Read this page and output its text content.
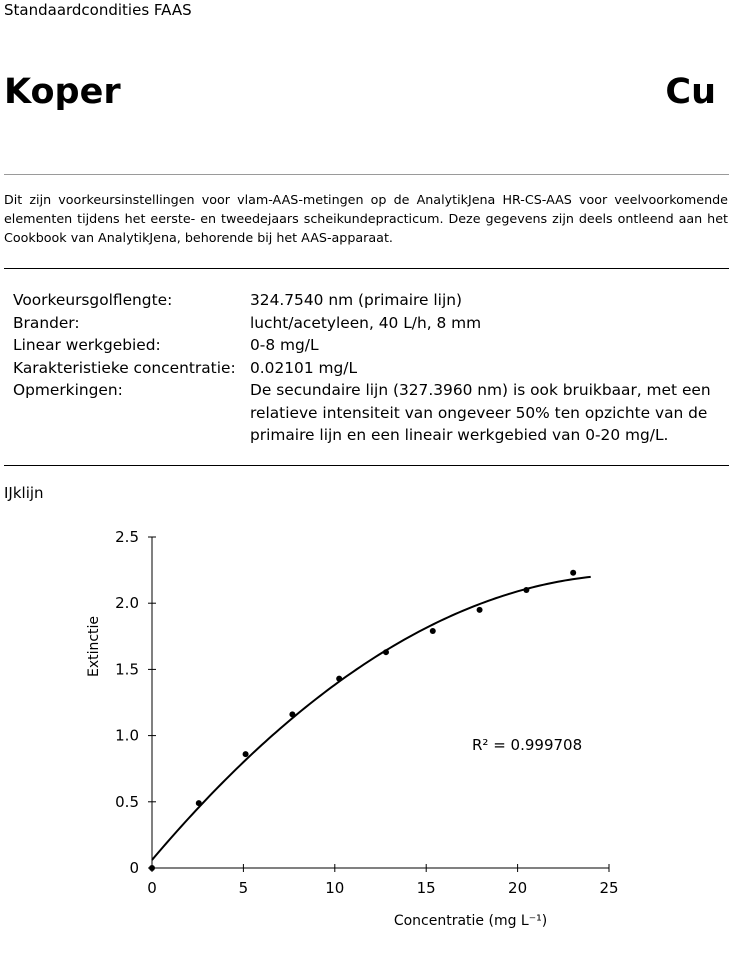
Standaardcondities FAAS
Koper	Cu
Dit zijn voorkeursinstellingen voor vlam-AAS-metingen op de AnalytikJena HR-CS-AAS voor veelvoorkomende elementen tijdens het eerste- en tweedejaars scheikundepracticum. Deze gegevens zijn deels ontleend aan het Cookbook van AnalytikJena, behorende bij het AAS-apparaat.
Voorkeursgolflengte:	324.7540 nm (primaire lijn)
Brander:	lucht/acetyleen, 40 L/h, 8 mm
Linear werkgebied:	0-8 mg/L
Karakteristieke concentratie: 0.02101 mg/L
Opmerkingen:	De secundaire lijn (327.3960 nm) is ook bruikbaar, met een relatieve intensiteit van ongeveer 50% ten opzichte van de primaire lijn en een lineair werkgebied van 0-20 mg/L.
IJklijn
0	5	10	15	20	25
0
0.5
1.0
1.5
2.0
2.5
Concentratie (mg L⁻¹)
Extinctie
R² = 0.999708
